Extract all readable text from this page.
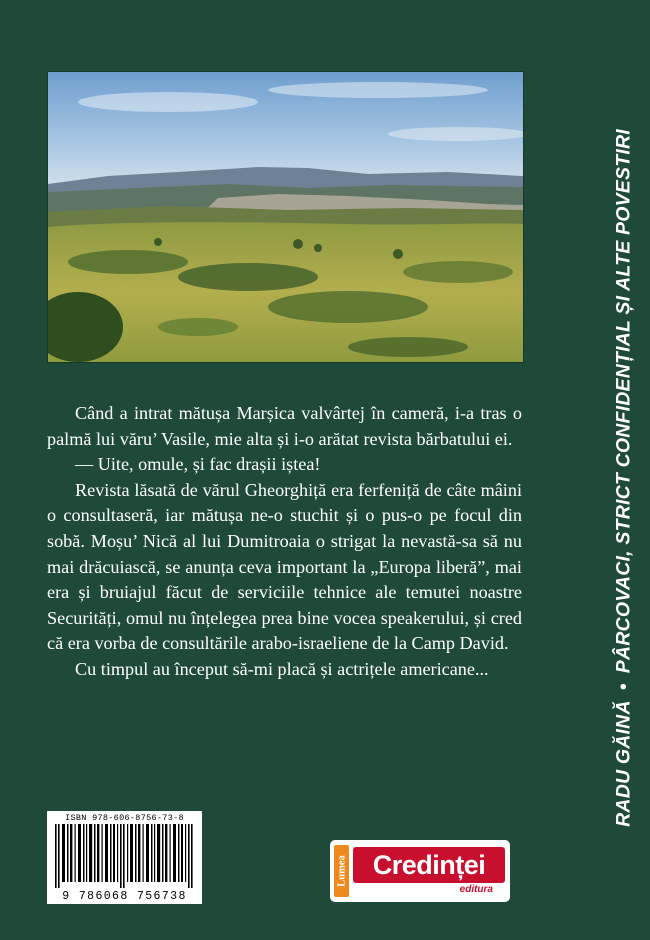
Când a intrat mătușa Marșica valvârtej în cameră, i-a tras o palmă lui văru’ Vasile, mie alta și i-o arătat revista bărbatului ei.

— Uite, omule, și fac drașii iștea!

Revista lăsată de vărul Gheorghiță era ferfeniță de câte mâini o consultaseră, iar mătușa ne-o stuchit și o pus-o pe focul din sobă. Moșu’ Nică al lui Dumitroaia o strigat la nevastă-sa să nu mai drăcuiască, se anunța ceva important la „Europa liberă”, mai era și bruiajul făcut de serviciile tehnice ale temutei noastre Securități, omul nu înțelegea prea bine vocea speakerului, și cred că era vorba de consultările arabo-israeliene de la Camp David.

Cu timpul au început să-mi placă și actrițele americane...

RADU GĂINĂ•PÂRCOVACI, STRICT CONFIDENȚIAL ȘI ALTE POVESTIRI
ISBN 978-606-8756-73-8
9 786068 756738
Lumea Credinței
editura
